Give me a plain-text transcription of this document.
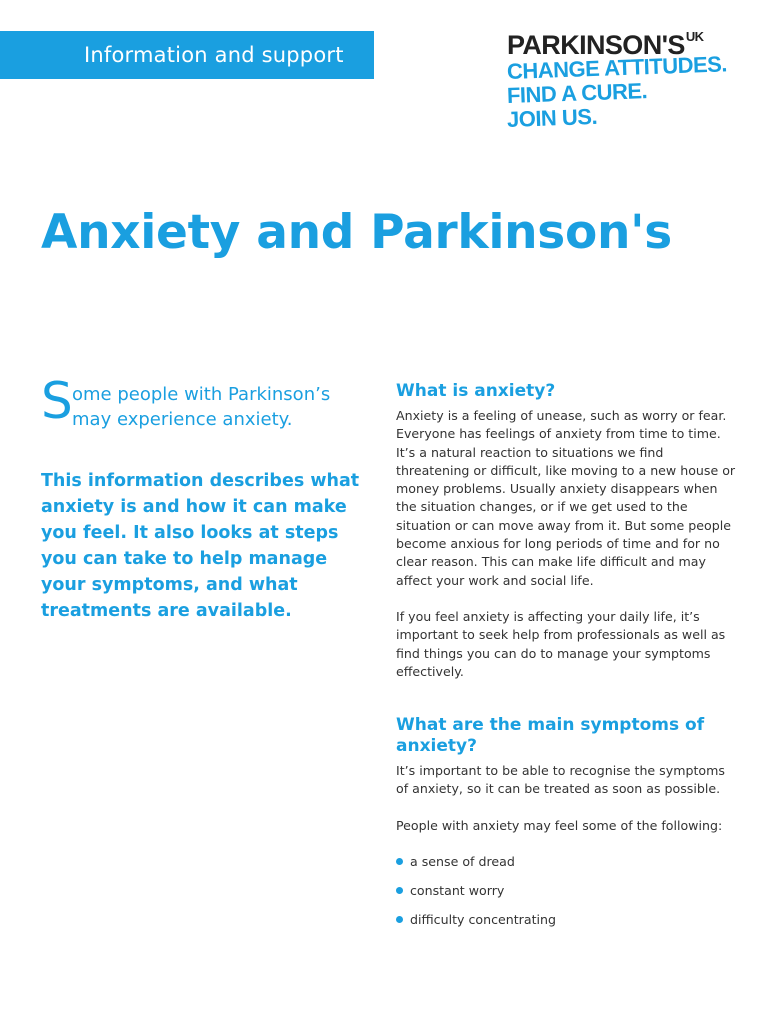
Information and support	$PARKINSON'S^{UK}$
CHANGE ATTITUDES.
FIND A CURE.
JOIN US.
Anxiety and Parkinson's

S ome people with Parkinson’s may experience anxiety.

This information describes what anxiety is and how it can make you feel. It also looks at steps you can take to help manage your symptoms, and what treatments are available.

What is anxiety?

Anxiety is a feeling of unease, such as worry or fear. Everyone has feelings of anxiety from time to time. It’s a natural reaction to situations we find threatening or difficult, like moving to a new house or money problems. Usually anxiety disappears when the situation changes, or if we get used to the situation or can move away from it. But some people become anxious for long periods of time and for no clear reason. This can make life difficult and may affect your work and social life.

If you feel anxiety is affecting your daily life, it’s important to seek help from professionals as well as find things you can do to manage your symptoms effectively.

What are the main symptoms of anxiety?

It’s important to be able to recognise the symptoms of anxiety, so it can be treated as soon as possible.

People with anxiety may feel some of the following:

a sense of dread
constant worry
difficulty concentrating
